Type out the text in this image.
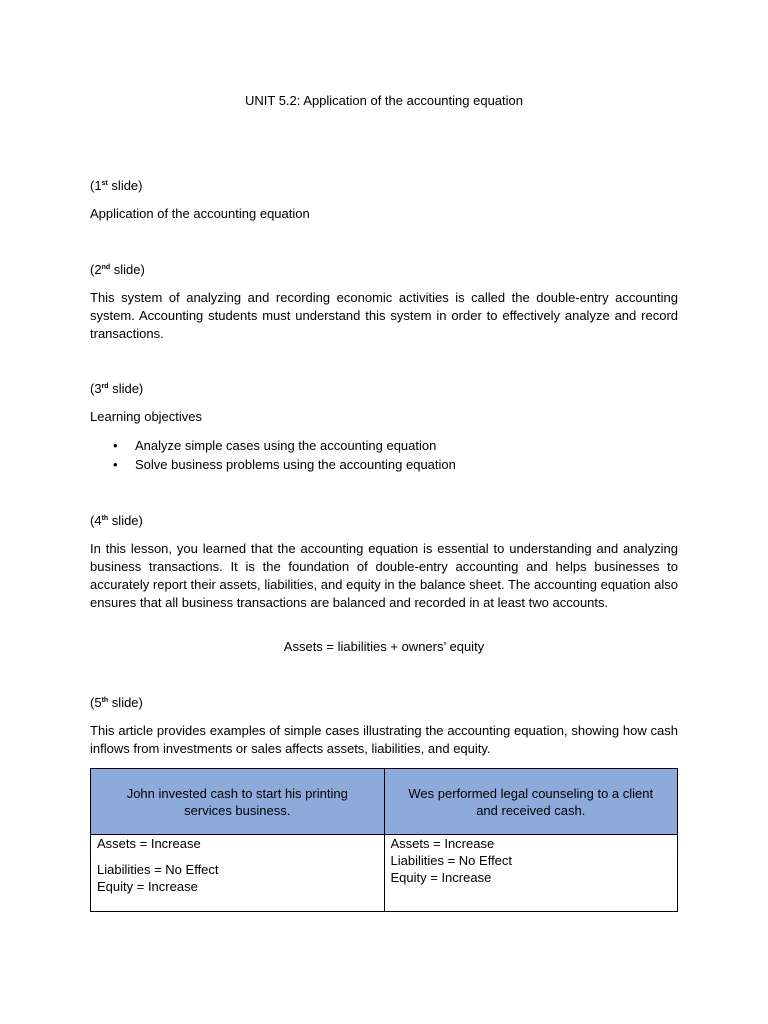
UNIT 5.2: Application of the accounting equation
(1st slide)
Application of the accounting equation
(2nd slide)
This system of analyzing and recording economic activities is called the double-entry accounting system. Accounting students must understand this system in order to effectively analyze and record transactions.
(3rd slide)
Learning objectives
• Analyze simple cases using the accounting equation
• Solve business problems using the accounting equation
(4th slide)
In this lesson, you learned that the accounting equation is essential to understanding and analyzing business transactions. It is the foundation of double-entry accounting and helps businesses to accurately report their assets, liabilities, and equity in the balance sheet. The accounting equation also ensures that all business transactions are balanced and recorded in at least two accounts.
Assets = liabilities + owners’ equity
(5th slide)
This article provides examples of simple cases illustrating the accounting equation, showing how cash inflows from investments or sales affects assets, liabilities, and equity.
John invested cash to start his printing services business.	Wes performed legal counseling to a client and received cash.

Assets = Increase
Liabilities = No Effect
Equity = Increase	Assets = Increase
Liabilities = No Effect
Equity = Increase
